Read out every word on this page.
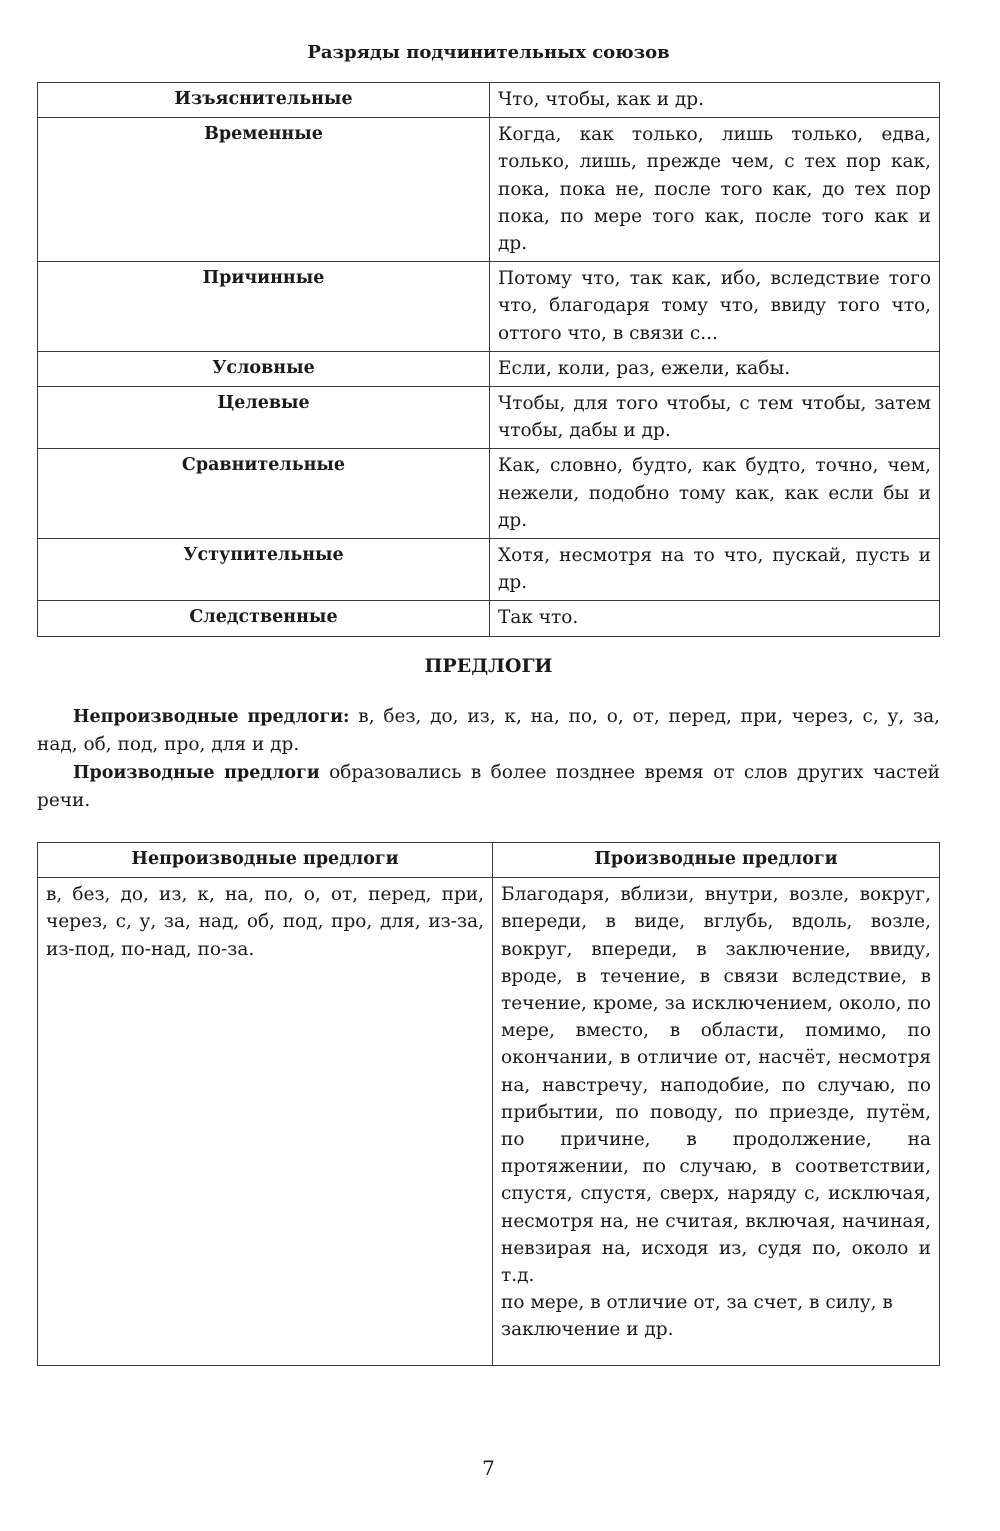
Разряды подчинительных союзов
Изъяснительные	Что, чтобы, как и др.
Временные	Когда, как только, лишь только, едва, только, лишь, прежде чем, с тех пор как, пока, пока не, после того как, до тех пор пока, по мере того как, после того как и др.
Причинные	Потому что, так как, ибо, вследствие того что, благодаря тому что, ввиду того что, оттого что, в связи с...
Условные	Если, коли, раз, ежели, кабы.
Целевые	Чтобы, для того чтобы, с тем чтобы, затем чтобы, дабы и др.
Сравнительные	Как, словно, будто, как будто, точно, чем, нежели, подобно тому как, как если бы и др.
Уступительные	Хотя, несмотря на то что, пускай, пусть и др.
Следственные	Так что.
ПРЕДЛОГИ
Непроизводные предлоги: в, без, до, из, к, на, по, о, от, перед, при, через, с, у, за, над, об, под, про, для и др.
Производные предлоги образовались в более позднее время от слов других частей речи.
Непроизводные предлоги	Производные предлоги
в, без, до, из, к, на, по, о, от, перед, при, через, с, у, за, над, об, под, про, для, из-за, из-под, по-над, по-за.	Благодаря, вблизи, внутри, возле, вокруг, впереди, в виде, вглубь, вдоль, возле, вокруг, впереди, в заключение, ввиду, вроде, в течение, в связи вследствие, в течение, кроме, за исключением, около, по мере, вместо, в области, помимо, по окончании, в отличие от, насчёт, несмотря на, навстречу, наподобие, по случаю, по прибытии, по поводу, по приезде, путём, по причине, в продолжение, на протяжении, по случаю, в соответствии, спустя, спустя, сверх, наряду с, исключая, несмотря на, не считая, включая, начиная, невзирая на, исходя из, судя по, около и т.д.
по мере, в отличие от, за счет, в силу, в заключение и др.
7
